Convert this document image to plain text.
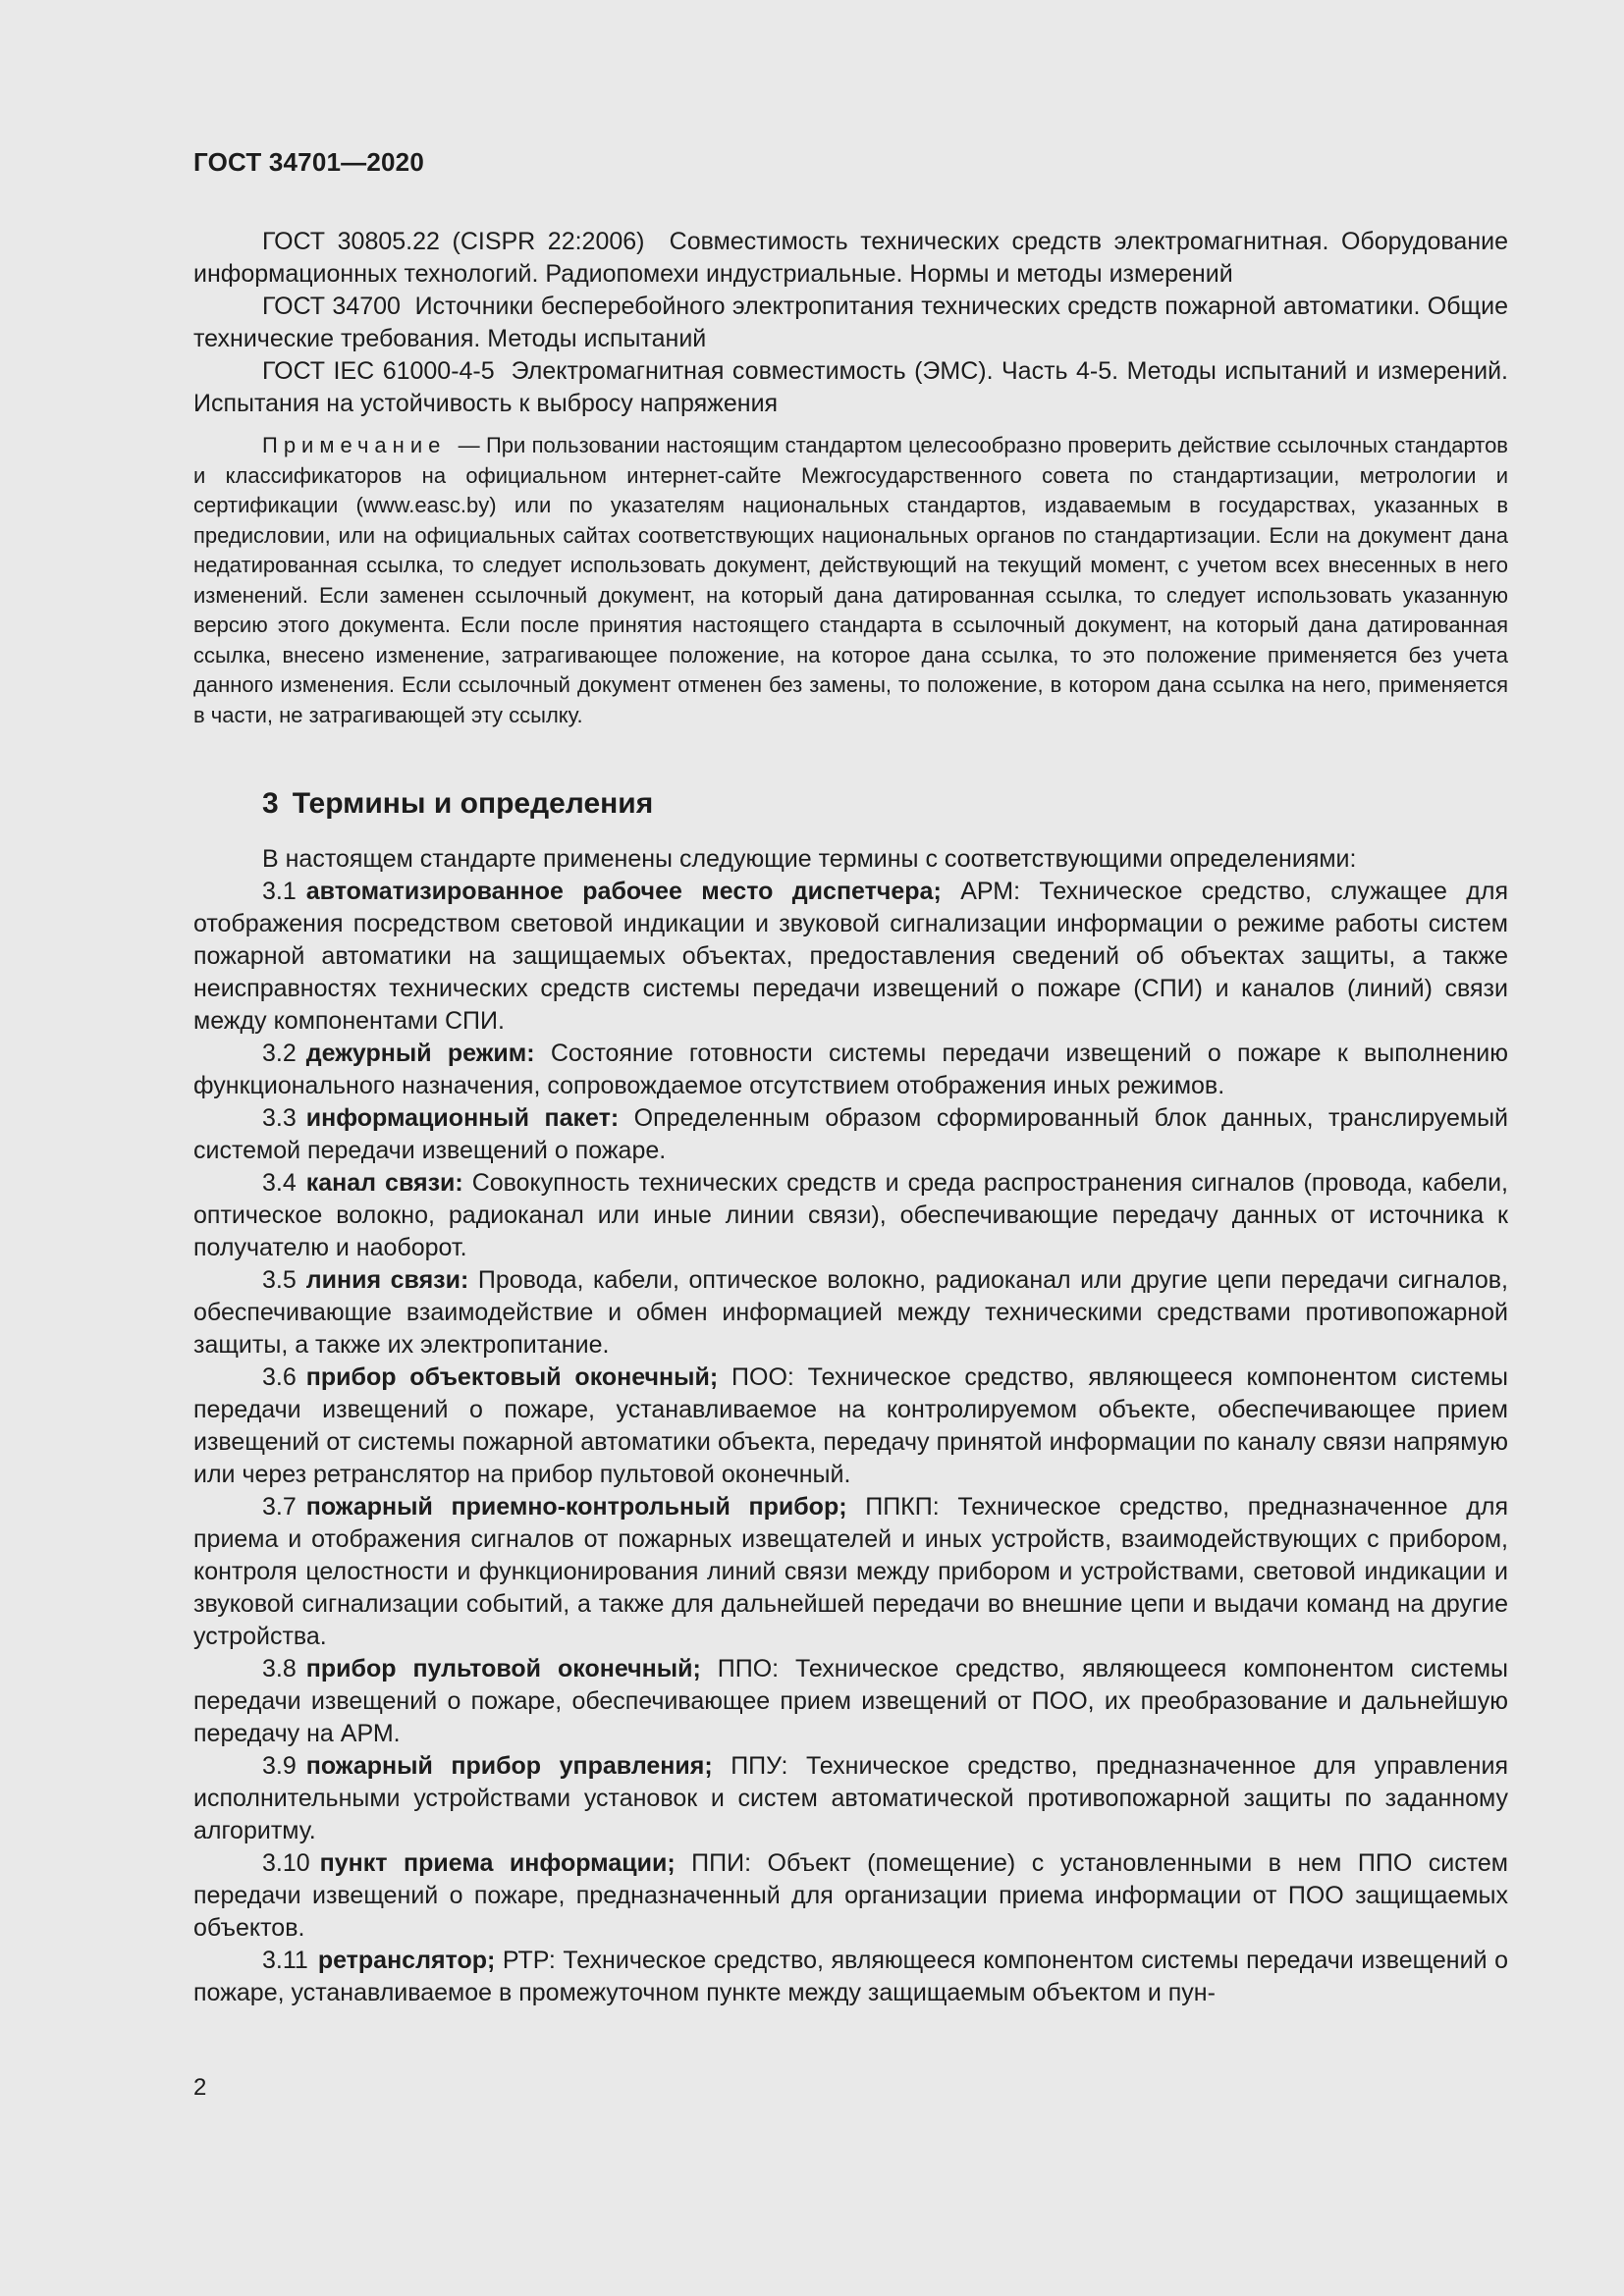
ГОСТ 34701—2020

ГОСТ 30805.22 (CISPR 22:2006) Совместимость технических средств электромагнитная. Оборудование информационных технологий. Радиопомехи индустриальные. Нормы и методы измерений

ГОСТ 34700 Источники бесперебойного электропитания технических средств пожарной автоматики. Общие технические требования. Методы испытаний

ГОСТ IEC 61000-4-5 Электромагнитная совместимость (ЭМС). Часть 4-5. Методы испытаний и измерений. Испытания на устойчивость к выбросу напряжения

Примечание — При пользовании настоящим стандартом целесообразно проверить действие ссылочных стандартов и классификаторов на официальном интернет-сайте Межгосударственного совета по стандартизации, метрологии и сертификации (www.easc.by) или по указателям национальных стандартов, издаваемым в государствах, указанных в предисловии, или на официальных сайтах соответствующих национальных органов по стандартизации. Если на документ дана недатированная ссылка, то следует использовать документ, действующий на текущий момент, с учетом всех внесенных в него изменений. Если заменен ссылочный документ, на который дана датированная ссылка, то следует использовать указанную версию этого документа. Если после принятия настоящего стандарта в ссылочный документ, на который дана датированная ссылка, внесено изменение, затрагивающее положение, на которое дана ссылка, то это положение применяется без учета данного изменения. Если ссылочный документ отменен без замены, то положение, в котором дана ссылка на него, применяется в части, не затрагивающей эту ссылку.

3 Термины и определения

В настоящем стандарте применены следующие термины с соответствующими определениями:

3.1 автоматизированное рабочее место диспетчера; АРМ: Техническое средство, служащее для отображения посредством световой индикации и звуковой сигнализации информации о режиме работы систем пожарной автоматики на защищаемых объектах, предоставления сведений об объектах защиты, а также неисправностях технических средств системы передачи извещений о пожаре (СПИ) и каналов (линий) связи между компонентами СПИ.

3.2 дежурный режим: Состояние готовности системы передачи извещений о пожаре к выполнению функционального назначения, сопровождаемое отсутствием отображения иных режимов.

3.3 информационный пакет: Определенным образом сформированный блок данных, транслируемый системой передачи извещений о пожаре.

3.4 канал связи: Совокупность технических средств и среда распространения сигналов (провода, кабели, оптическое волокно, радиоканал или иные линии связи), обеспечивающие передачу данных от источника к получателю и наоборот.

3.5 линия связи: Провода, кабели, оптическое волокно, радиоканал или другие цепи передачи сигналов, обеспечивающие взаимодействие и обмен информацией между техническими средствами противопожарной защиты, а также их электропитание.

3.6 прибор объектовый оконечный; ПОО: Техническое средство, являющееся компонентом системы передачи извещений о пожаре, устанавливаемое на контролируемом объекте, обеспечивающее прием извещений от системы пожарной автоматики объекта, передачу принятой информации по каналу связи напрямую или через ретранслятор на прибор пультовой оконечный.

3.7 пожарный приемно-контрольный прибор; ППКП: Техническое средство, предназначенное для приема и отображения сигналов от пожарных извещателей и иных устройств, взаимодействующих с прибором, контроля целостности и функционирования линий связи между прибором и устройствами, световой индикации и звуковой сигнализации событий, а также для дальнейшей передачи во внешние цепи и выдачи команд на другие устройства.

3.8 прибор пультовой оконечный; ППО: Техническое средство, являющееся компонентом системы передачи извещений о пожаре, обеспечивающее прием извещений от ПОО, их преобразование и дальнейшую передачу на АРМ.

3.9 пожарный прибор управления; ППУ: Техническое средство, предназначенное для управления исполнительными устройствами установок и систем автоматической противопожарной защиты по заданному алгоритму.

3.10 пункт приема информации; ППИ: Объект (помещение) с установленными в нем ППО систем передачи извещений о пожаре, предназначенный для организации приема информации от ПОО защищаемых объектов.

3.11 ретранслятор; РТР: Техническое средство, являющееся компонентом системы передачи извещений о пожаре, устанавливаемое в промежуточном пункте между защищаемым объектом и пун-

2
